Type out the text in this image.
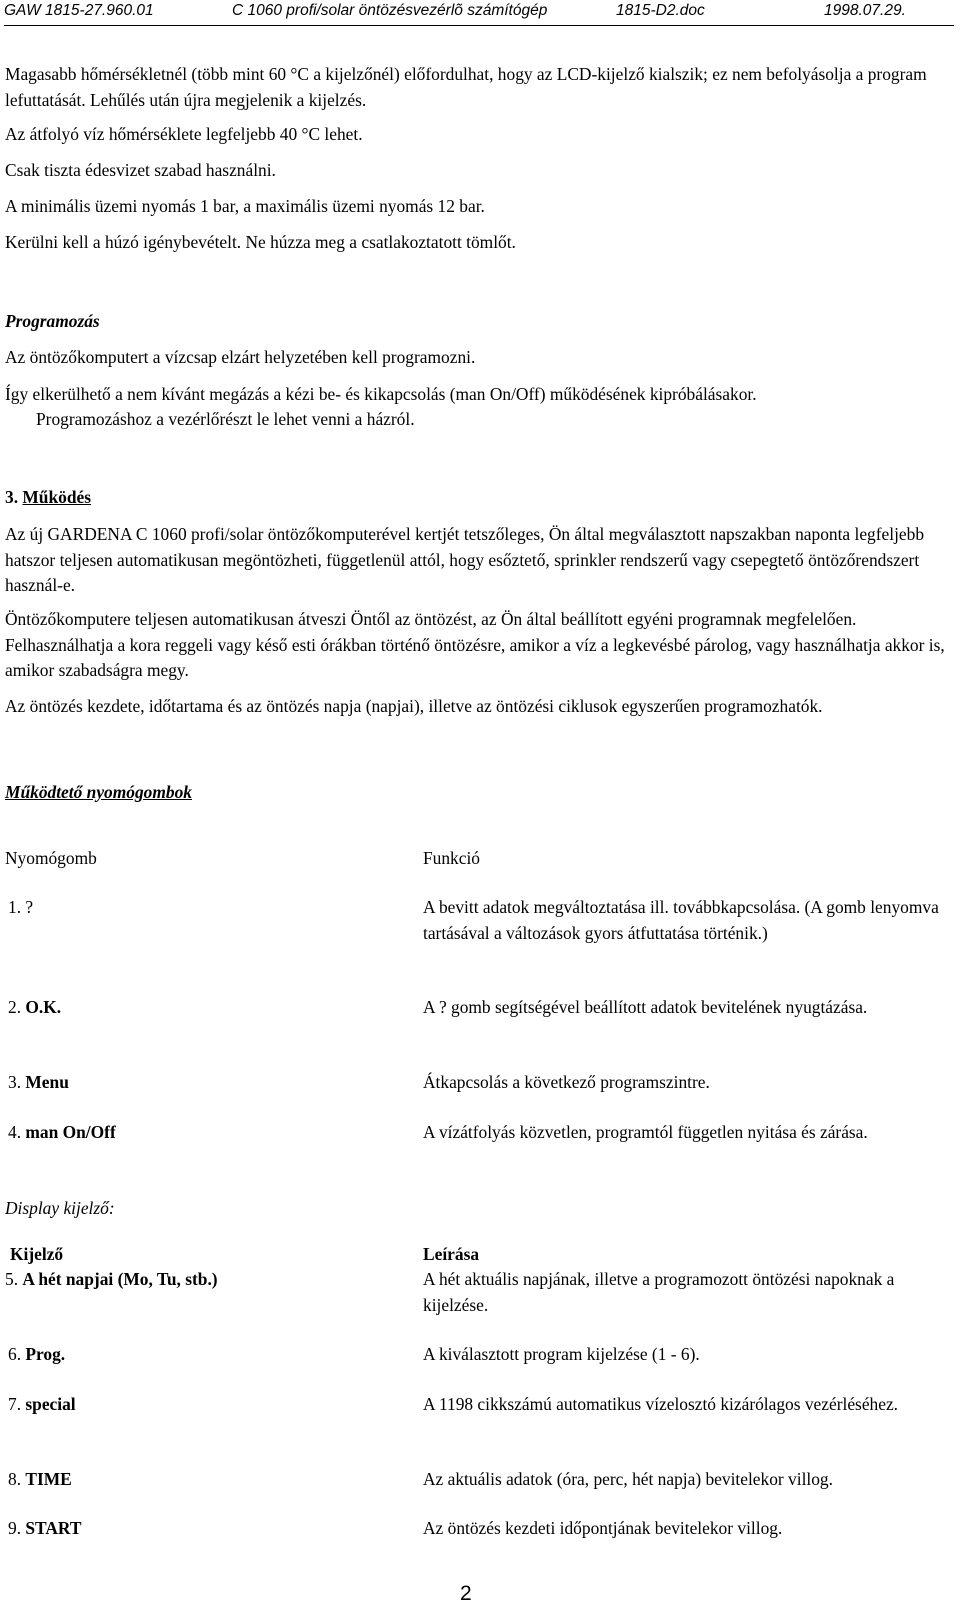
GAW 1815-27.960.01	C 1060 profi/solar öntözésvezérlõ számítógép	1815-D2.doc	1998.07.29.

Magasabb hőmérsékletnél (több mint 60 °C a kijelzőnél) előfordulhat, hogy az LCD-kijelző kialszik; ez nem befolyásolja a program lefuttatását. Lehűlés után újra megjelenik a kijelzés.

Az átfolyó víz hőmérséklete legfeljebb 40 °C lehet.

Csak tiszta édesvizet szabad használni.

A minimális üzemi nyomás 1 bar, a maximális üzemi nyomás 12 bar.

Kerülni kell a húzó igénybevételt. Ne húzza meg a csatlakoztatott tömlőt.

Programozás

Az öntözőkomputert a vízcsap elzárt helyzetében kell programozni.

Így elkerülhető a nem kívánt megázás a kézi be- és kikapcsolás (man On/Off) működésének kipróbálásakor.

Programozáshoz a vezérlőrészt le lehet venni a házról.

3. Működés

Az új GARDENA C 1060 profi/solar öntözőkomputerével kertjét tetszőleges, Ön által megválasztott napszakban naponta legfeljebb hatszor teljesen automatikusan megöntözheti, függetlenül attól, hogy esőztető, sprinkler rendszerű vagy csepegtető öntözőrendszert használ-e.

Öntözőkomputere teljesen automatikusan átveszi Öntől az öntözést, az Ön által beállított egyéni programnak megfelelően. Felhasználhatja a kora reggeli vagy késő esti órákban történő öntözésre, amikor a víz a legkevésbé párolog, vagy használhatja akkor is, amikor szabadságra megy.

Az öntözés kezdete, időtartama és az öntözés napja (napjai), illetve az öntözési ciklusok egyszerűen programozhatók.

Működtető nyomógombok

Nyomógomb	Funkció
1. ?	A bevitt adatok megváltoztatása ill. továbbkapcsolása. (A gomb lenyomva tartásával a változások gyors átfuttatása történik.)
2. O.K.	A ? gomb segítségével beállított adatok bevitelének nyugtázása.
3. Menu	Átkapcsolás a következő programszintre.
4. man On/Off	A vízátfolyás közvetlen, programtól független nyitása és zárása.

Display kijelző:

Kijelző	Leírása
5. A hét napjai (Mo, Tu, stb.)	A hét aktuális napjának, illetve a programozott öntözési napoknak a kijelzése.
6. Prog.	A kiválasztott program kijelzése (1 - 6).
7. special	A 1198 cikkszámú automatikus vízelosztó kizárólagos vezérléséhez.
8. TIME	Az aktuális adatok (óra, perc, hét napja) bevitelekor villog.
9. START	Az öntözés kezdeti időpontjának bevitelekor villog.
2
